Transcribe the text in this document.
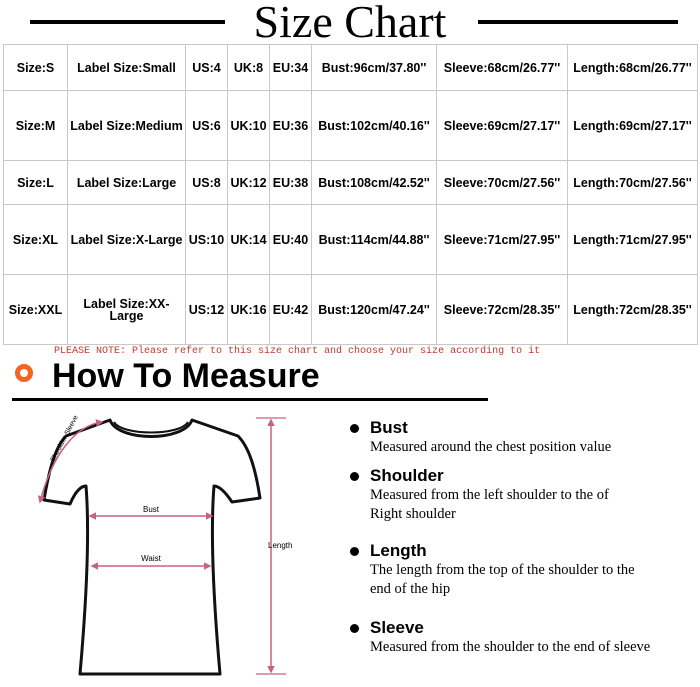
Size Chart
Size:S	Label Size:Small	US:4	UK:8	EU:34	Bust:96cm/37.80''	Sleeve:68cm/26.77''	Length:68cm/26.77''
Size:M	Label Size:Medium	US:6	UK:10	EU:36	Bust:102cm/40.16''	Sleeve:69cm/27.17''	Length:69cm/27.17''
Size:L	Label Size:Large	US:8	UK:12	EU:38	Bust:108cm/42.52''	Sleeve:70cm/27.56''	Length:70cm/27.56''
Size:XL	Label Size:X-Large	US:10	UK:14	EU:40	Bust:114cm/44.88''	Sleeve:71cm/27.95''	Length:71cm/27.95''
Size:XXL	Label Size:XX-Large	US:12	UK:16	EU:42	Bust:120cm/47.24''	Sleeve:72cm/28.35''	Length:72cm/28.35''
PLEASE NOTE: Please refer to this size chart and choose your size according to it
How To Measure
Shoulder Sleeve
Bust
Waist
Length
Bust
Measured around the chest position value
Shoulder
Measured from the left shoulder to the of Right shoulder
Length
The length from the top of the shoulder to the end of the hip
Sleeve
Measured from the shoulder to the end of sleeve
